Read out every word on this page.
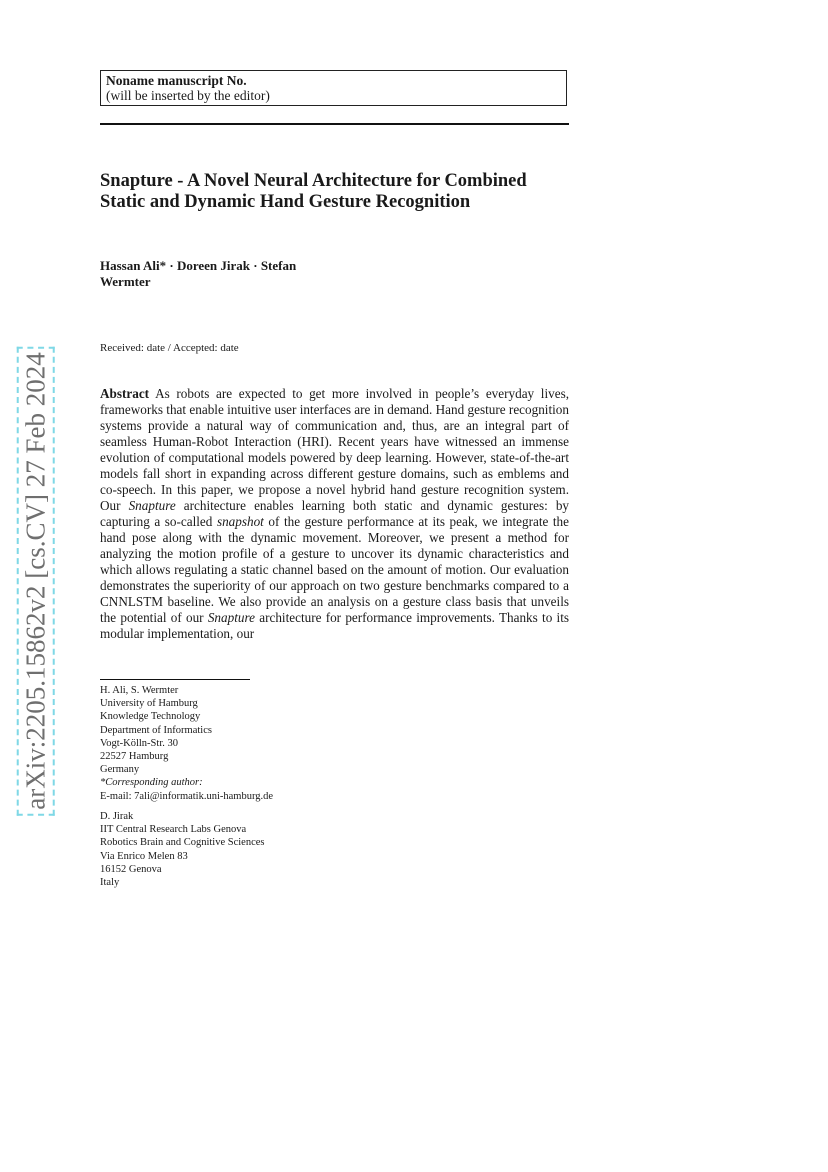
arXiv:2205.15862v2 [cs.CV] 27 Feb 2024
Noname manuscript No.
(will be inserted by the editor)
Snapture - A Novel Neural Architecture for Combined Static and Dynamic Hand Gesture Recognition
Hassan Ali* · Doreen Jirak · Stefan
Wermter
Received: date / Accepted: date

Abstract As robots are expected to get more involved in people’s everyday lives, frameworks that enable intuitive user interfaces are in demand. Hand gesture recognition systems provide a natural way of communication and, thus, are an integral part of seamless Human-Robot Interaction (HRI). Recent years have witnessed an immense evolution of computational models powered by deep learning. However, state-of-the-art models fall short in expanding across different gesture domains, such as emblems and co-speech. In this paper, we propose a novel hybrid hand gesture recognition system. Our Snapture architecture enables learning both static and dynamic gestures: by capturing a so-called snapshot of the gesture performance at its peak, we integrate the hand pose along with the dynamic movement. Moreover, we present a method for analyzing the motion profile of a gesture to uncover its dynamic characteristics and which allows regulating a static channel based on the amount of motion. Our evaluation demonstrates the superiority of our approach on two gesture benchmarks compared to a CNNLSTM baseline. We also provide an analysis on a gesture class basis that unveils the potential of our Snapture architecture for performance improvements. Thanks to its modular implementation, our

H. Ali, S. Wermter
University of Hamburg
Knowledge Technology
Department of Informatics
Vogt-Kölln-Str. 30
22527 Hamburg
Germany
*Corresponding author:
E-mail: 7ali@informatik.uni-hamburg.de
D. Jirak
IIT Central Research Labs Genova
Robotics Brain and Cognitive Sciences
Via Enrico Melen 83
16152 Genova
Italy
